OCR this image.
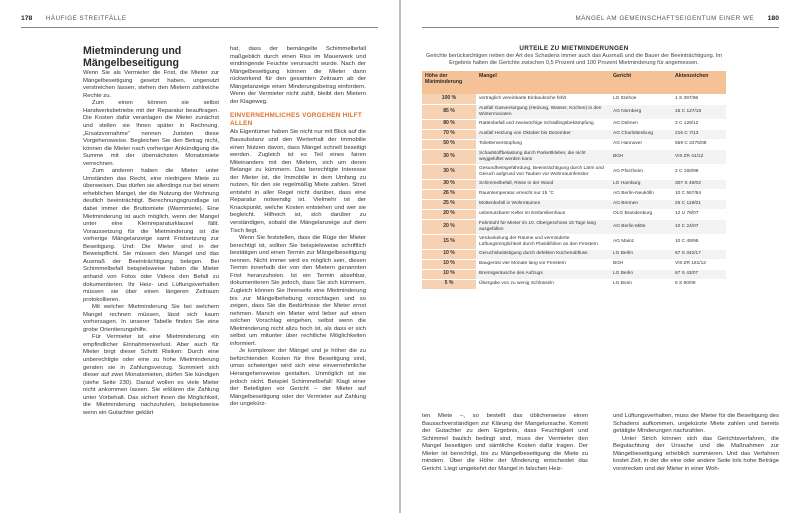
178 HÄUFIGE STREITFÄLLE
Mietminderung und
Mängelbeseitigung

Wenn Sie als Vermieter die Frist, die Mieter zur Mängelbeseitigung gesetzt haben, ungenutzt verstreichen lassen, stehen den Mietern zahlreiche Rechte zu.

Zum einen können sie selbst Handwerksbetriebe mit der Reparatur beauftragen. Die Kosten dafür veranlagen die Mieter zunächst und stellen sie Ihnen später in Rechnung. „Ersatzvornahme“ nennen Juristen diese Vorgehensweise. Begleichen Sie den Betrag nicht, können die Mieter nach vorheriger Ankündigung die Summe mit der übernächsten Monatsmiete verrechnen.

Zum anderen haben die Mieter unter Umständen das Recht, eine niedrigere Miete zu überweisen. Das dürfen sie allerdings nur bei einem erheblichen Mangel, der die Nutzung der Wohnung deutlich beeinträchtigt. Berechnungsgrundlage ist dabei immer die Bruttomiete (Warmmiete). Eine Mietminderung ist auch möglich, wenn der Mangel unter eine Kleinreparaturklausel fällt. Voraussetzung für die Mietminderung ist die vorherige Mängelanzeige samt Fristsetzung zur Beseitigung. Und: Die Mieter sind in der Beweispflicht. Sie müssen den Mangel und das Ausmaß der Beeinträchtigung belegen. Bei Schimmelbefall beispielsweise haben die Mieter anhand von Fotos oder Videos den Befall zu dokumentieren. Ihr Heiz- und Lüftungsverhalten müssen sie über einen längeren Zeitraum protokollieren.

Mit welcher Mietminderung Sie bei welchem Mangel rechnen müssen, lässt sich kaum vorhersagen. In unserer Tabelle finden Sie eine grobe Orientierungshilfe.

Für Vermieter ist eine Mietminderung ein empfindlicher Einnahmenverlust. Aber auch für Mieter birgt dieser Schritt Risiken: Durch eine unberechtigte oder eine zu hohe Mietminderung geraten sie in Zahlungsverzug. Summiert sich dieser auf zwei Monatsmieten, dürfen Sie kündigen (siehe Seite 230). Darauf wollen es viele Mieter nicht ankommen lassen. Sie erklären die Zahlung unter Vorbehalt. Das sichert ihnen die Möglichkeit, die Mietminderung nachzuholen, beispielsweise wenn ein Gutachter geklärt

hat, dass der bemängelte Schimmelbefall maßgeblich durch einen Riss im Mauerwerk und eindringende Feuchte verursacht wurde. Nach der Mängelbeseitigung können die Mieter dann rückwirkend für den gesamten Zeitraum ab der Mängelanzeige einen Minderungsbetrag einfordern. Wenn der Vermieter nicht zahlt, bleibt den Mietern der Klageweg.

EINVERNEHMLICHES VORGEHEN HILFT ALLEN

Als Eigentümer haben Sie nicht nur mit Blick auf die Bausubstanz und den Werterhalt der Immobilie einen Nutzen davon, dass Mängel schnell beseitigt werden. Zugleich ist es Teil eines fairen Miteinanders mit den Mietern, sich um deren Belange zu kümmern. Das berechtigte Interesse der Mieter ist, die Immobilie in dem Umfang zu nutzen, für den sie regelmäßig Miete zahlen. Streit entsteht in aller Regel nicht darüber, dass eine Reparatur notwendig ist. Vielmehr ist der Knackpunkt, welche Kosten entstehen und wer sie begleicht. Hilfreich ist, sich darüber zu verständigen, sobald die Mängelanzeige auf dem Tisch liegt.

Wenn Sie feststellen, dass die Rüge der Mieter berechtigt ist, sollten Sie beispielsweise schriftlich bestätigen und einen Termin zur Mängelbeseitigung nennen. Nicht immer wird es möglich sein, diesen Termin innerhalb der von den Mietern genannten Frist heranzuholen. Ist ein Termin absehbar, dokumentieren Sie jedoch, dass Sie sich kümmern. Zugleich können Sie Ihrerseits eine Mietminderung bis zur Mängelbehebung vorschlagen und so zeigen, dass Sie die Bedürfnisse der Mieter ernst nehmen. Manch ein Mieter wird lieber auf einen solchen Vorschlag eingehen, selbst wenn die Mietminderung nicht allzu hoch ist, als dass er sich selbst um mitunter über rechtliche Möglichkeiten informiert.

Je komplexer der Mängel und je höher die zu befürchtenden Kosten für ihre Beseitigung sind, umso schwieriger wird sich eine einvernehmliche Herangehensweise gestalten. Unmöglich ist sie jedoch nicht. Beispiel Schimmelbefall: Klagt einer der Beteiligten vor Gericht – der Mieter auf Mängelbeseitigung oder der Vermieter auf Zahlung der ungekürz-

MÄNGEL AM GEMEINSCHAFTSEIGENTUM EINER WE 180
URTEILE ZU MIETMINDERUNGEN
Gerichte berücksichtigen neben der Art des Schadens immer auch das Ausmaß und die Bauer der Beeinträchtigung. Im Ergebnis halten die Gerichte zwischen 0,5 Prozent und 100 Prozent Mietminderung für angemessen.
Höhe der Mietminderung	Mangel	Gericht	Aktenzeichen
100 %	vertraglich vereinbarte Einbauküche fehlt	LG Itzehoe	1 S 397/96
85 %	Ausfall Gasversorgung (Heizung, Wasser, Kochen) in den Wintermonaten	AG Nürnberg	16 C 127/16
80 %	Rattenbefall und zweiwöchige Schädlingsbekämpfung	AG Dülmen	3 C 128/12
70 %	Ausfall Heizung von Oktober bis Dezember	AG Charlottenburg	216 C 7/13
50 %	Toilettenverstopfung	AG Hannover	559 C 3475/08
30 %	Schadstoffbelastung durch Parkettkleber, die nicht weggelüftet werden kann	BGH	VIII ZR 41/12
30 %	Gesundheitsgefährdung, Beeinträchtigung durch Lärm und Geruch aufgrund von Tauben vor Wohnraumfenster	AG Pforzheim	2 C 160/98
30 %	Schimmelbefall, Risse in der Wand	LG Hamburg	307 S 48/02
26 %	Raumtemperatur erreicht nur 15 °C	AG Berlin-Neukölln	10 C 557/84
25 %	Mottenbefall in Wohnräumen	AG Bremen	25 C 118/01
20 %	unbenutzbarer Keller im Einfamilienhaus	OLG Brandenburg	12 U 78/07
20 %	Fahrstuhl für Mieter im 10. Obergeschoss 16 Tage lang ausgefallen	AG Berlin-Mitte	10 C 24/07
15 %	Verdunkelung der Räume und verminderte Lüftungsmöglichkeit durch Plastikfolien an den Fenstern	AG Mainz	10 C 49/95
10 %	Geruchsbelästigung durch defekten Küchenabfluss	LG Berlin	67 S 342/17
10 %	Baugerüst vier Monate lang vor Fenstern	BGH	VIII ZR 181/12
10 %	Bremsgeräusche des Aufzugs	LG Berlin	67 S 43/07
5 %	Übergabe von zu wenig Schlüsseln	LG Bonn	6 S 90/09

ten Miete –, so bestellt das üblicherweise einen Bausachverständigen zur Klärung der Mangelursache. Kommt der Gutachter zu dem Ergebnis, dass Feuchtigkeit und Schimmel baulich bedingt sind, muss der Vermieter den Mangel beseitigen und sämtliche Kosten dafür tragen. Der Mieter ist berechtigt, bis zu Mängelbeseitigung die Miete zu mindern. Über die Höhe der Minderung entscheidet das Gericht. Liegt umgekehrt der Mangel in falschen Heiz-

und Lüftungsverhalten, muss der Mieter für die Beseitigung des Schadens aufkommen, ungekürzte Miete zahlen und bereits getätigte Minderungen nachzahlen.

Unter Strich können sich das Gerichtsverfahren, die Begutachtung der Ursache und die Maßnahmen zur Mängelbeseitigung erheblich summieren. Und das Verfahren kostet Zeit, in der die eine oder andere Seite tols hohe Beträge vorstrecken und der Mieter in einer Woh-
